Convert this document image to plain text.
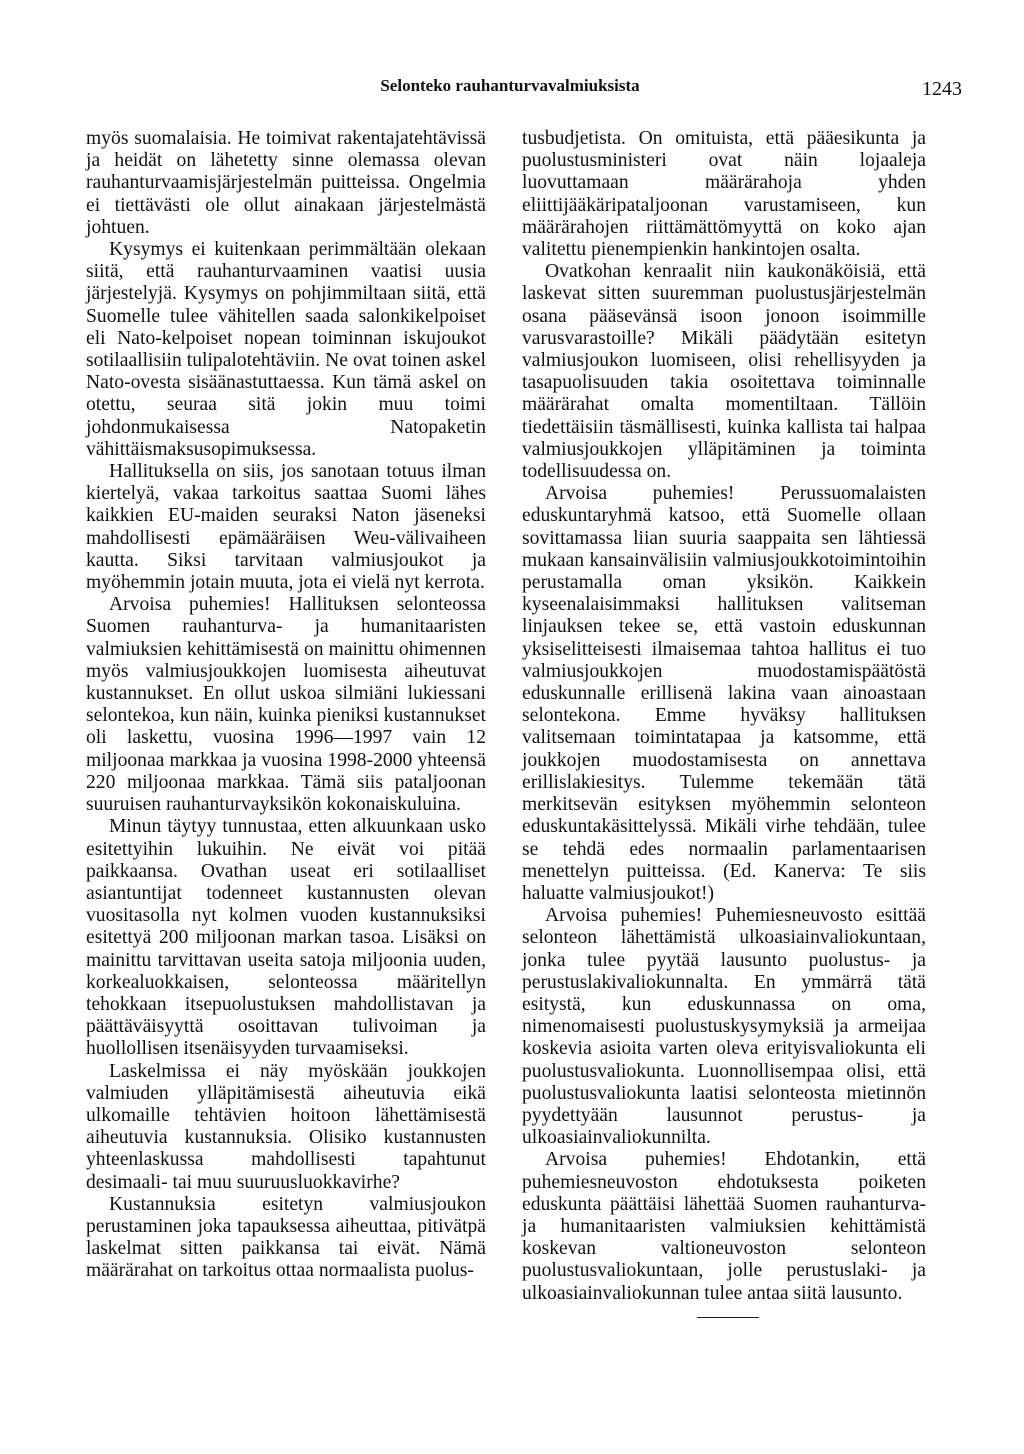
Selonteko rauhanturvavalmiuksista	1243

myös suomalaisia. He toimivat rakentajatehtävissä ja heidät on lähetetty sinne olemassa olevan rauhanturvaamisjärjestelmän puitteissa. Ongelmia ei tiettävästi ole ollut ainakaan järjestelmästä johtuen.

Kysymys ei kuitenkaan perimmältään olekaan siitä, että rauhanturvaaminen vaatisi uusia järjestelyjä. Kysymys on pohjimmiltaan siitä, että Suomelle tulee vähitellen saada salonkikelpoiset eli Nato-kelpoiset nopean toiminnan iskujoukot sotilaallisiin tulipalotehtäviin. Ne ovat toinen askel Nato-ovesta sisäänastuttaessa. Kun tämä askel on otettu, seuraa sitä jokin muu toimi johdonmukaisessa Natopaketin vähittäismaksusopimuksessa.

Hallituksella on siis, jos sanotaan totuus ilman kiertelyä, vakaa tarkoitus saattaa Suomi lähes kaikkien EU-maiden seuraksi Naton jäseneksi mahdollisesti epämääräisen Weu-välivaiheen kautta. Siksi tarvitaan valmiusjoukot ja myöhemmin jotain muuta, jota ei vielä nyt kerrota.

Arvoisa puhemies! Hallituksen selonteossa Suomen rauhanturva- ja humanitaaristen valmiuksien kehittämisestä on mainittu ohimennen myös valmiusjoukkojen luomisesta aiheutuvat kustannukset. En ollut uskoa silmiäni lukiessani selontekoa, kun näin, kuinka pieniksi kustannukset oli laskettu, vuosina 1996—1997 vain 12 miljoonaa markkaa ja vuosina 1998-2000 yhteensä 220 miljoonaa markkaa. Tämä siis pataljoonan suuruisen rauhanturvayksikön kokonaiskuluina.

Minun täytyy tunnustaa, etten alkuunkaan usko esitettyihin lukuihin. Ne eivät voi pitää paikkaansa. Ovathan useat eri sotilaalliset asiantuntijat todenneet kustannusten olevan vuositasolla nyt kolmen vuoden kustannuksiksi esitettyä 200 miljoonan markan tasoa. Lisäksi on mainittu tarvittavan useita satoja miljoonia uuden, korkealuokkaisen, selonteossa määritellyn tehokkaan itsepuolustuksen mahdollistavan ja päättäväisyyttä osoittavan tulivoiman ja huollollisen itsenäisyyden turvaamiseksi.

Laskelmissa ei näy myöskään joukkojen valmiuden ylläpitämisestä aiheutuvia eikä ulkomaille tehtävien hoitoon lähettämisestä aiheutuvia kustannuksia. Olisiko kustannusten yhteenlaskussa mahdollisesti tapahtunut desimaali- tai muu suuruusluokkavirhe?

Kustannuksia esitetyn valmiusjoukon perustaminen joka tapauksessa aiheuttaa, pitivätpä laskelmat sitten paikkansa tai eivät. Nämä määrärahat on tarkoitus ottaa normaalista puolus-

tusbudjetista. On omituista, että pääesikunta ja puolustusministeri ovat näin lojaaleja luovuttamaan määrärahoja yhden eliittijääkäripataljoonan varustamiseen, kun määrärahojen riittämättömyyttä on koko ajan valitettu pienempienkin hankintojen osalta.

Ovatkohan kenraalit niin kaukonäköisiä, että laskevat sitten suuremman puolustusjärjestelmän osana pääsevänsä isoon jonoon isoimmille varusvarastoille? Mikäli päädytään esitetyn valmiusjoukon luomiseen, olisi rehellisyyden ja tasapuolisuuden takia osoitettava toiminnalle määrärahat omalta momentiltaan. Tällöin tiedettäisiin täsmällisesti, kuinka kallista tai halpaa valmiusjoukkojen ylläpitäminen ja toiminta todellisuudessa on.

Arvoisa puhemies! Perussuomalaisten eduskuntaryhmä katsoo, että Suomelle ollaan sovittamassa liian suuria saappaita sen lähtiessä mukaan kansainvälisiin valmiusjoukkotoimintoihin perustamalla oman yksikön. Kaikkein kyseenalaisimmaksi hallituksen valitseman linjauksen tekee se, että vastoin eduskunnan yksiselitteisesti ilmaisemaa tahtoa hallitus ei tuo valmiusjoukkojen muodostamispäätöstä eduskunnalle erillisenä lakina vaan ainoastaan selontekona. Emme hyväksy hallituksen valitsemaan toimintatapaa ja katsomme, että joukkojen muodostamisesta on annettava erillislakiesitys. Tulemme tekemään tätä merkitsevän esityksen myöhemmin selonteon eduskuntakäsittelyssä. Mikäli virhe tehdään, tulee se tehdä edes normaalin parlamentaarisen menettelyn puitteissa. (Ed. Kanerva: Te siis haluatte valmiusjoukot!)

Arvoisa puhemies! Puhemiesneuvosto esittää selonteon lähettämistä ulkoasiainvaliokuntaan, jonka tulee pyytää lausunto puolustus- ja perustuslakivaliokunnalta. En ymmärrä tätä esitystä, kun eduskunnassa on oma, nimenomaisesti puolustuskysymyksiä ja armeijaa koskevia asioita varten oleva erityisvaliokunta eli puolustusvaliokunta. Luonnollisempaa olisi, että puolustusvaliokunta laatisi selonteosta mietinnön pyydettyään lausunnot perustus- ja ulkoasiainvaliokunnilta.

Arvoisa puhemies! Ehdotankin, että puhemiesneuvoston ehdotuksesta poiketen eduskunta päättäisi lähettää Suomen rauhanturva- ja humanitaaristen valmiuksien kehittämistä koskevan valtioneuvoston selonteon puolustusvaliokuntaan, jolle perustuslaki- ja ulkoasiainvaliokunnan tulee antaa siitä lausunto.
